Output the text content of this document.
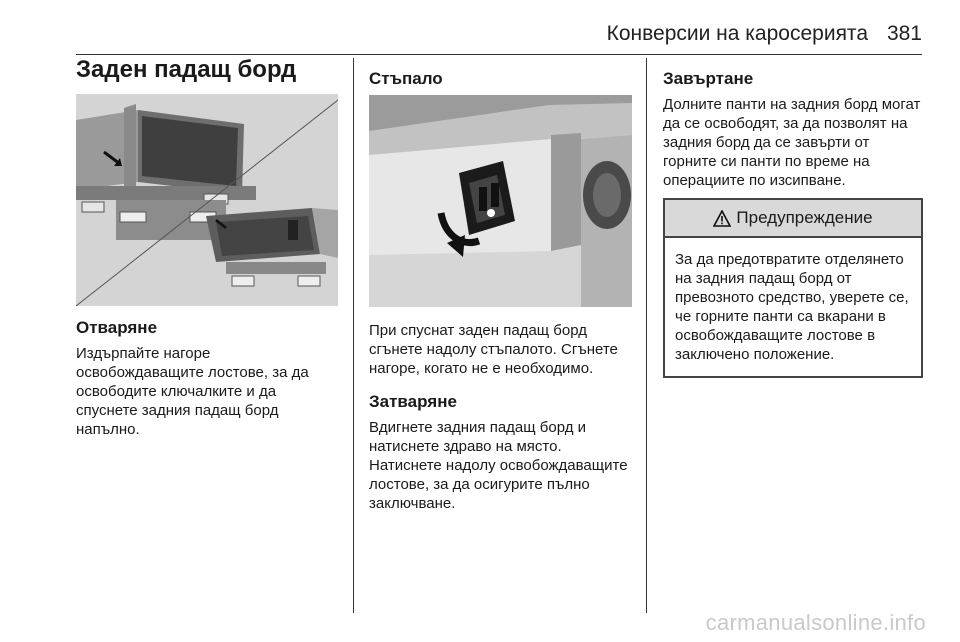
Конверсии на каросерията 381
Заден падащ борд
Отваряне

Издърпайте нагоре освобождаващите лостове, за да освободите ключалките и да спуснете задния падащ борд напълно.

Стъпало

При спуснат заден падащ борд сгънете надолу стъпалото. Сгънете нагоре, когато не е необходимо.

Затваряне

Вдигнете задния падащ борд и натиснете здраво на място. Натиснете надолу освобождаващите лостове, за да осигурите пълно заключване.

Завъртане

Долните панти на задния борд могат да се освободят, за да позволят на задния борд да се завърти от горните си панти по време на операциите по изсипване.

Предупреждение
За да предотвратите отделянето на задния падащ борд от превозното средство, уверете се, че горните панти са вкарани в освобождаващите лостове в заключено положение.
carmanualsonline.info
